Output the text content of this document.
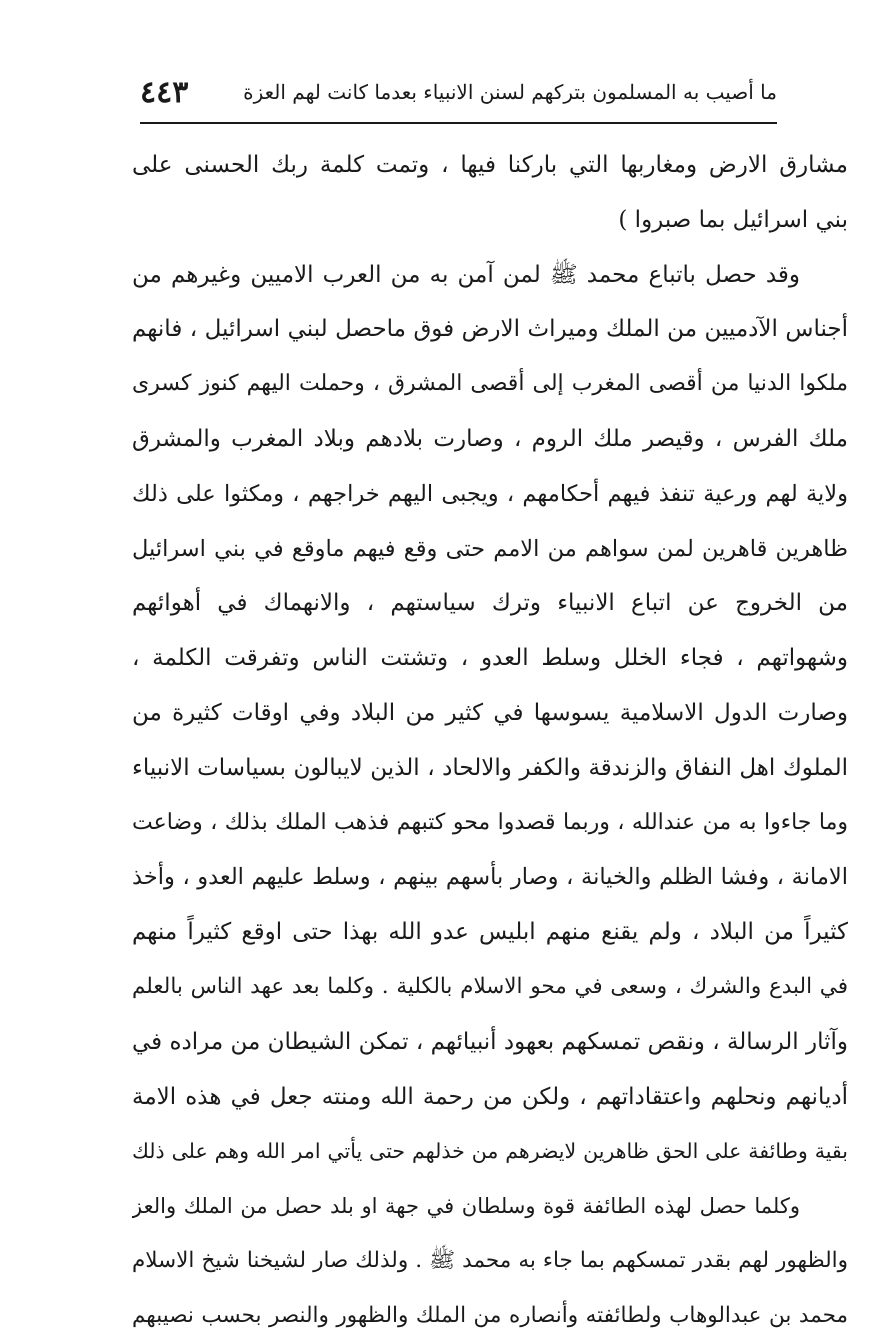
ما أصيب به المسلمون بتركهم لسنن الانبياء بعدما كانت لهم العزة
٤٤٣
مشارق الارض ومغاربها التي باركنا فيها ، وتمت كلمة ربك الحسنى على
بني اسرائيل بما صبروا )
وقد حصل باتباع محمد ﷺ لمن آمن به من العرب الاميين وغيرهم من
أجناس الآدميين من الملك وميراث الارض فوق ماحصل لبني اسرائيل ، فانهم
ملكوا الدنيا من أقصى المغرب إلى أقصى المشرق ، وحملت اليهم كنوز كسرى
ملك الفرس ، وقيصر ملك الروم ، وصارت بلادهم وبلاد المغرب والمشرق
ولاية لهم ورعية تنفذ فيهم أحكامهم ، ويجبى اليهم خراجهم ، ومكثوا على ذلك
ظاهرين قاهرين لمن سواهم من الامم حتى وقع فيهم ماوقع في بني اسرائيل
من الخروج عن اتباع الانبياء وترك سياستهم ، والانهماك في أهوائهم
وشهواتهم ، فجاء الخلل وسلط العدو ، وتشتت الناس وتفرقت الكلمة ،
وصارت الدول الاسلامية يسوسها في كثير من البلاد وفي اوقات كثيرة من
الملوك اهل النفاق والزندقة والكفر والالحاد ، الذين لايبالون بسياسات الانبياء
وما جاءوا به من عندالله ، وربما قصدوا محو كتبهم فذهب الملك بذلك ، وضاعت
الامانة ، وفشا الظلم والخيانة ، وصار بأسهم بينهم ، وسلط عليهم العدو ، وأخذ
كثيراً من البلاد ، ولم يقنع منهم ابليس عدو الله بهذا حتى اوقع كثيراً منهم
في البدع والشرك ، وسعى في محو الاسلام بالكلية . وكلما بعد عهد الناس بالعلم
وآثار الرسالة ، ونقص تمسكهم بعهود أنبيائهم ، تمكن الشيطان من مراده في
أديانهم ونحلهم واعتقاداتهم ، ولكن من رحمة الله ومنته جعل في هذه الامة
بقية وطائفة على الحق ظاهرين لايضرهم من خذلهم حتى يأتي امر الله وهم على ذلك
وكلما حصل لهذه الطائفة قوة وسلطان في جهة او بلد حصل من الملك والعز
والظهور لهم بقدر تمسكهم بما جاء به محمد ﷺ . ولذلك صار لشيخنا شيخ الاسلام
محمد بن عبدالوهاب ولطائفته وأنصاره من الملك والظهور والنصر بحسب نصيبهم
